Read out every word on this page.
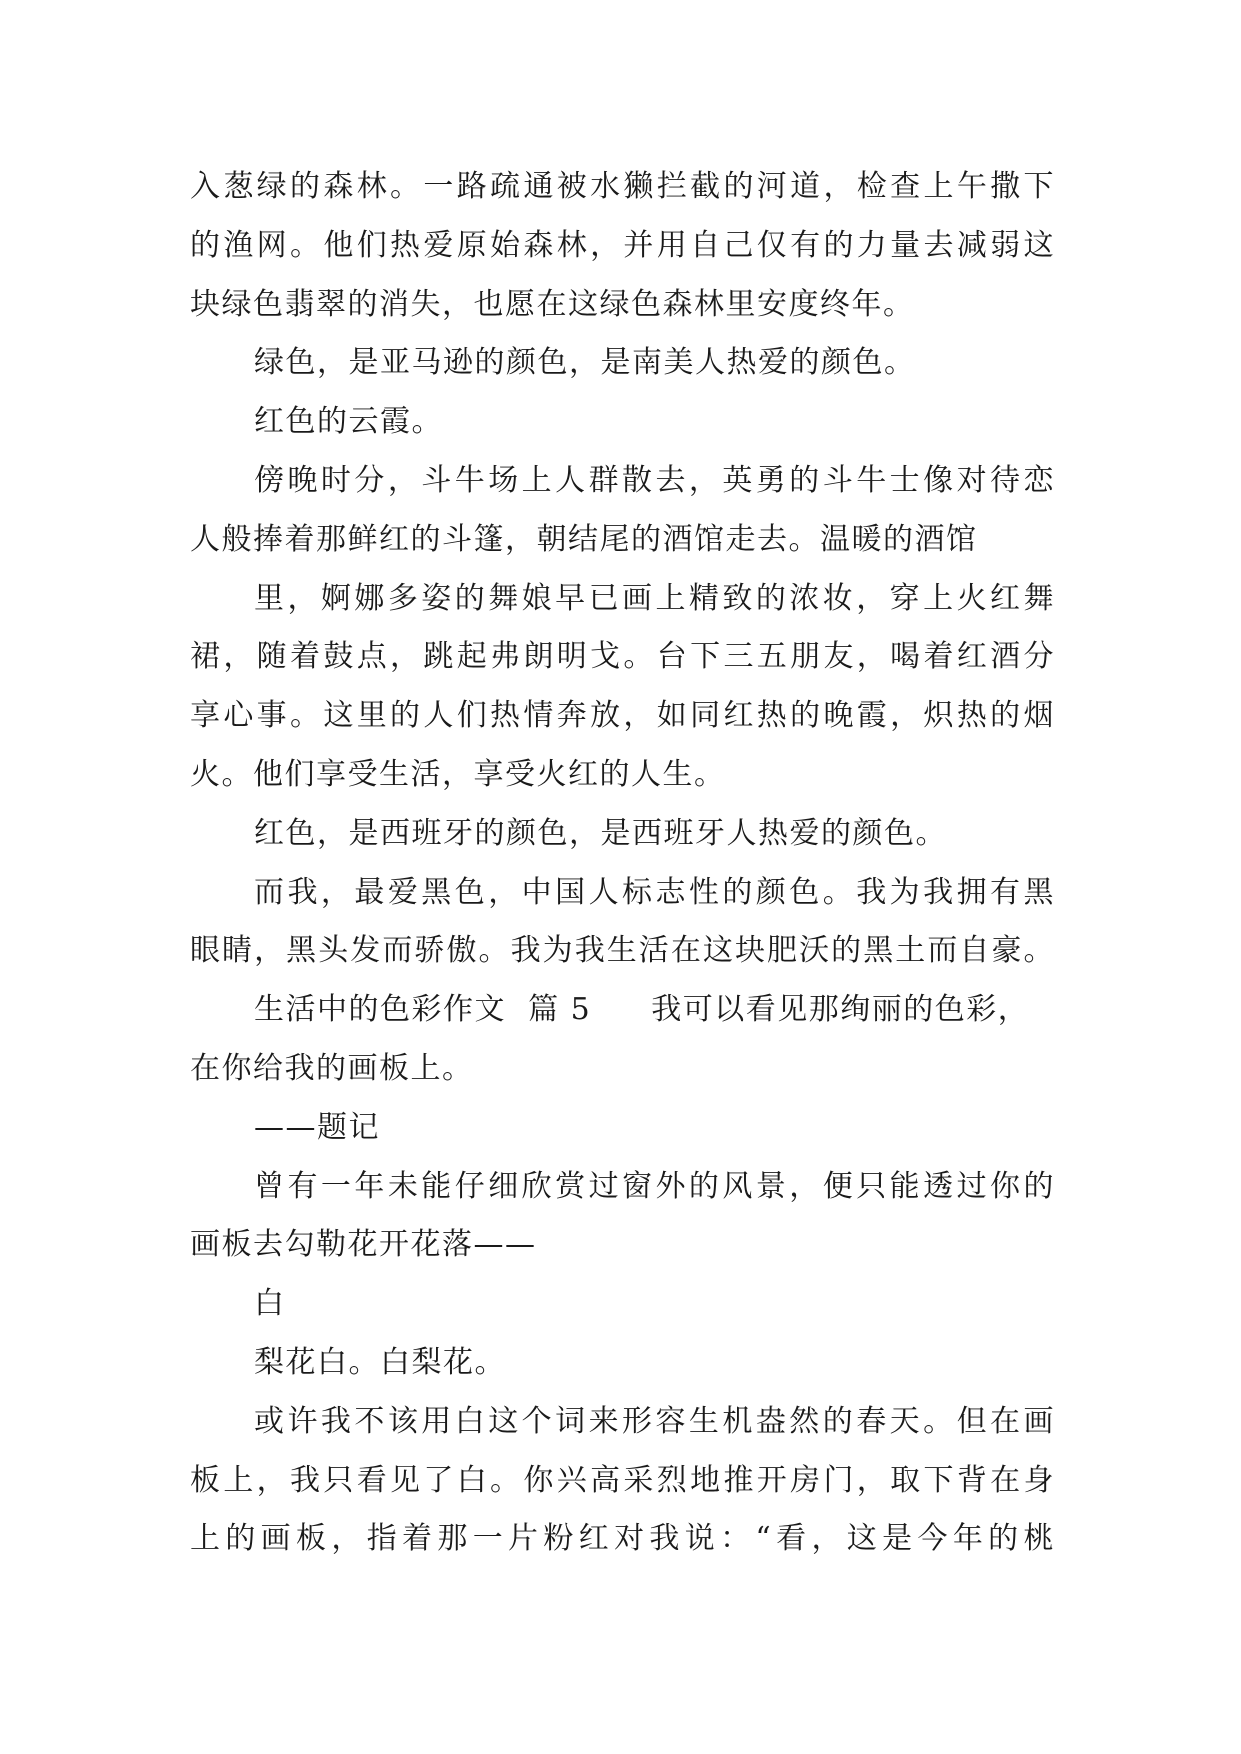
入葱绿的森林。一路疏通被水獭拦截的河道，检查上午撒下
的渔网。他们热爱原始森林，并用自己仅有的力量去减弱这
块绿色翡翠的消失，也愿在这绿色森林里安度终年。
绿色，是亚马逊的颜色，是南美人热爱的颜色。
红色的云霞。
傍晚时分，斗牛场上人群散去，英勇的斗牛士像对待恋
人般捧着那鲜红的斗篷，朝结尾的酒馆走去。温暖的酒馆
里，婀娜多姿的舞娘早已画上精致的浓妆，穿上火红舞
裙，随着鼓点，跳起弗朗明戈。台下三五朋友，喝着红酒分
享心事。这里的人们热情奔放，如同红热的晚霞，炽热的烟
火。他们享受生活，享受火红的人生。
红色，是西班牙的颜色，是西班牙人热爱的颜色。
而我，最爱黑色，中国人标志性的颜色。我为我拥有黑
眼睛，黑头发而骄傲。我为我生活在这块肥沃的黑土而自豪。
生活中的色彩作文  篇 5 我可以看见那绚丽的色彩，
在你给我的画板上。
——题记
曾有一年未能仔细欣赏过窗外的风景，便只能透过你的
画板去勾勒花开花落——
白
梨花白。白梨花。
或许我不该用白这个词来形容生机盎然的春天。但在画
板上，我只看见了白。你兴高采烈地推开房门，取下背在身
上的画板，指着那一片粉红对我说：“看，这是今年的桃
